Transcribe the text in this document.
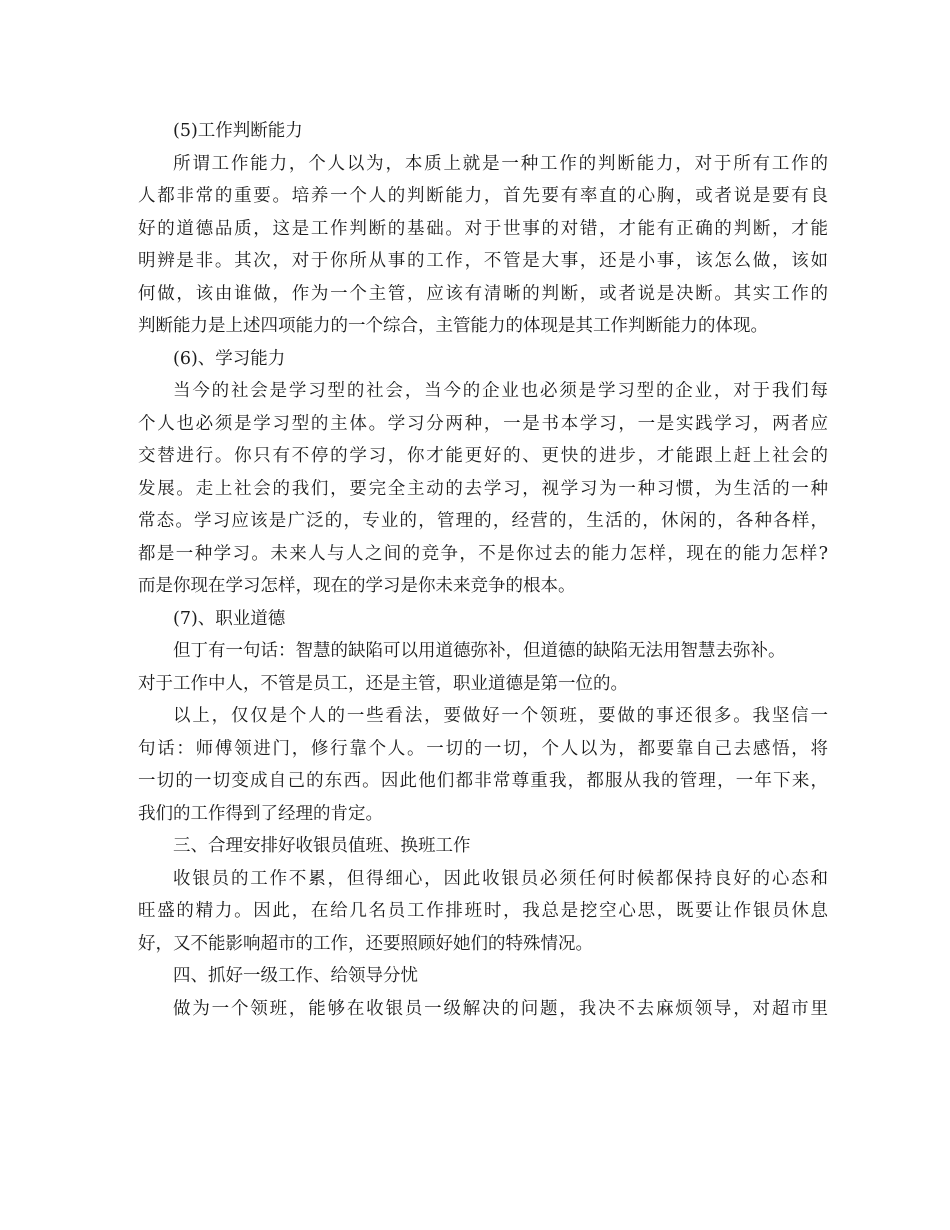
(5)工作判断能力
所谓工作能力，个人以为，本质上就是一种工作的判断能力，对于所有工作的
人都非常的重要。培养一个人的判断能力，首先要有率直的心胸，或者说是要有良
好的道德品质，这是工作判断的基础。对于世事的对错，才能有正确的判断，才能
明辨是非。其次，对于你所从事的工作，不管是大事，还是小事，该怎么做，该如
何做，该由谁做，作为一个主管，应该有清晰的判断，或者说是决断。其实工作的
判断能力是上述四项能力的一个综合，主管能力的体现是其工作判断能力的体现。
(6)、学习能力
当今的社会是学习型的社会，当今的企业也必须是学习型的企业，对于我们每
个人也必须是学习型的主体。学习分两种，一是书本学习，一是实践学习，两者应
交替进行。你只有不停的学习，你才能更好的、更快的进步，才能跟上赶上社会的
发展。走上社会的我们，要完全主动的去学习，视学习为一种习惯，为生活的一种
常态。学习应该是广泛的，专业的，管理的，经营的，生活的，休闲的，各种各样，
都是一种学习。未来人与人之间的竞争，不是你过去的能力怎样，现在的能力怎样?
而是你现在学习怎样，现在的学习是你未来竞争的根本。
(7)、职业道德
但丁有一句话：智慧的缺陷可以用道德弥补，但道德的缺陷无法用智慧去弥补。
对于工作中人，不管是员工，还是主管，职业道德是第一位的。
以上，仅仅是个人的一些看法，要做好一个领班，要做的事还很多。我坚信一
句话：师傅领进门，修行靠个人。一切的一切，个人以为，都要靠自己去感悟，将
一切的一切变成自己的东西。因此他们都非常尊重我，都服从我的管理，一年下来，
我们的工作得到了经理的肯定。
三、合理安排好收银员值班、换班工作
收银员的工作不累，但得细心，因此收银员必须任何时候都保持良好的心态和
旺盛的精力。因此，在给几名员工作排班时，我总是挖空心思，既要让作银员休息
好，又不能影响超市的工作，还要照顾好她们的特殊情况。
四、抓好一级工作、给领导分忧
做为一个领班，能够在收银员一级解决的问题，我决不去麻烦领导，对超市里
